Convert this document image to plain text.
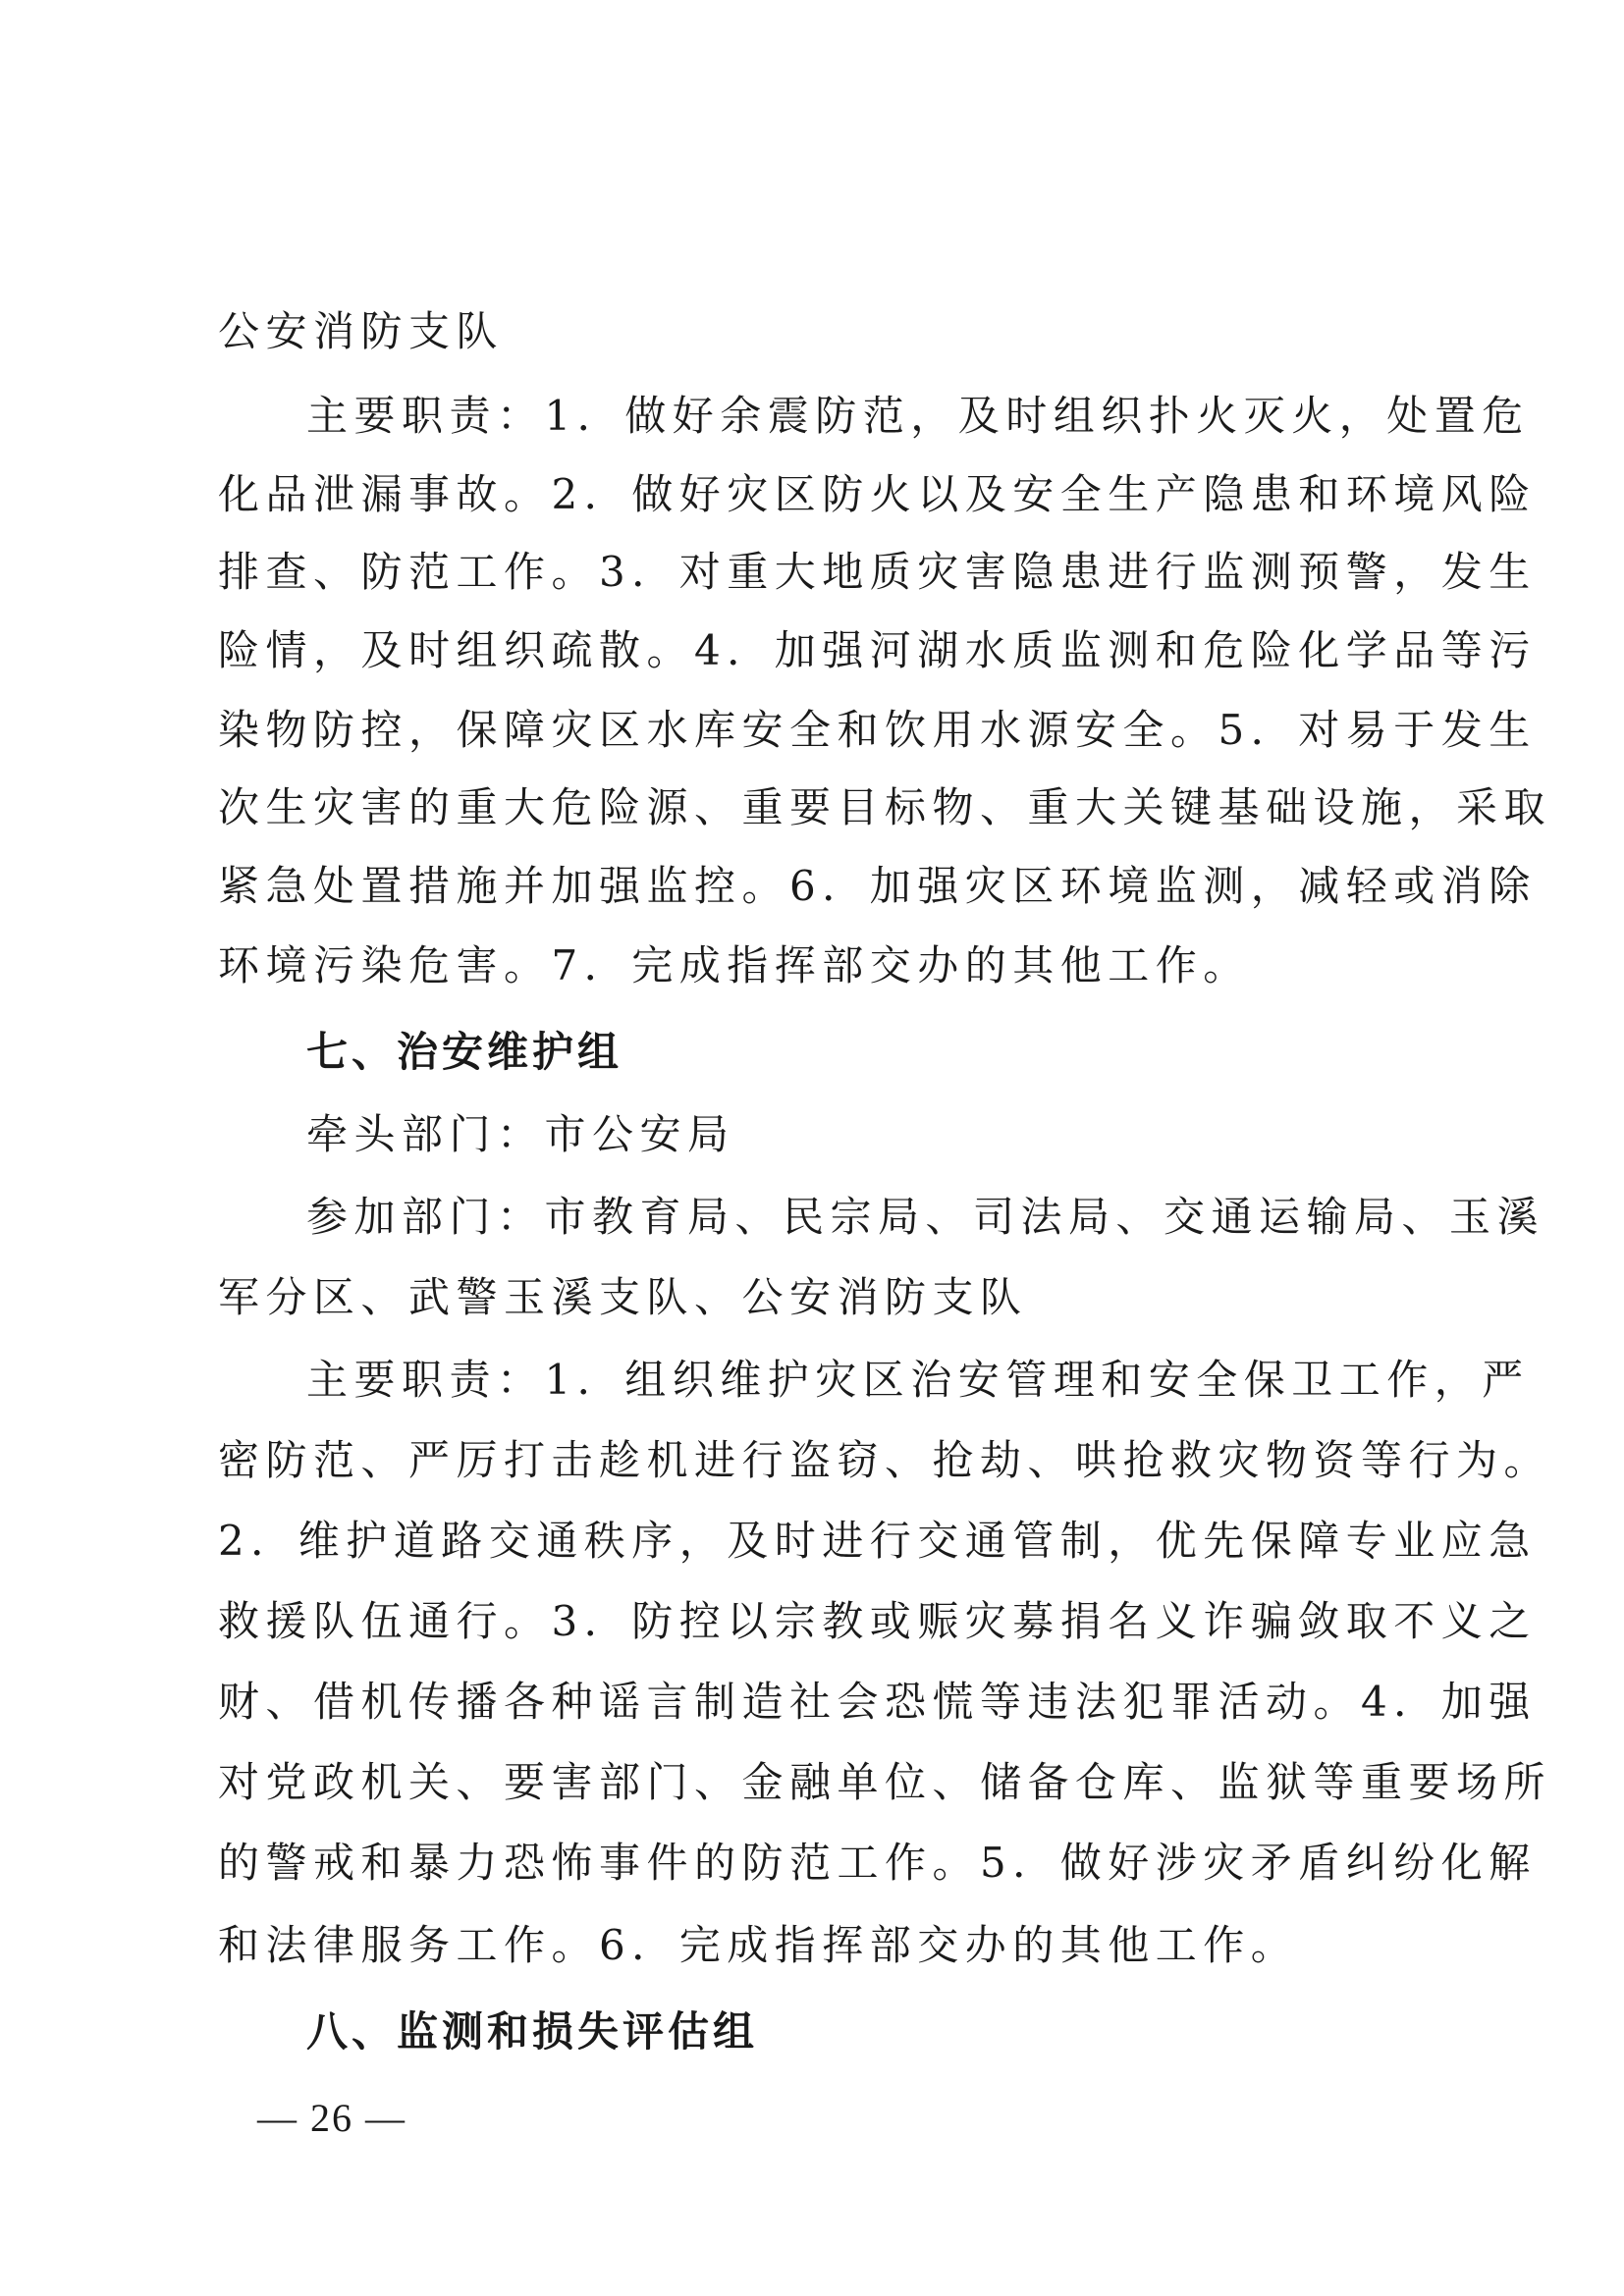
公安消防支队
主要职责：1．做好余震防范，及时组织扑火灭火，处置危
化品泄漏事故。2．做好灾区防火以及安全生产隐患和环境风险
排查、防范工作。3．对重大地质灾害隐患进行监测预警，发生
险情，及时组织疏散。4．加强河湖水质监测和危险化学品等污
染物防控，保障灾区水库安全和饮用水源安全。5．对易于发生
次生灾害的重大危险源、重要目标物、重大关键基础设施，采取
紧急处置措施并加强监控。6．加强灾区环境监测，减轻或消除
环境污染危害。7．完成指挥部交办的其他工作。
七、治安维护组
牵头部门：市公安局
参加部门：市教育局、民宗局、司法局、交通运输局、玉溪
军分区、武警玉溪支队、公安消防支队
主要职责：1．组织维护灾区治安管理和安全保卫工作，严
密防范、严厉打击趁机进行盗窃、抢劫、哄抢救灾物资等行为。
2．维护道路交通秩序，及时进行交通管制，优先保障专业应急
救援队伍通行。3．防控以宗教或赈灾募捐名义诈骗敛取不义之
财、借机传播各种谣言制造社会恐慌等违法犯罪活动。4．加强
对党政机关、要害部门、金融单位、储备仓库、监狱等重要场所
的警戒和暴力恐怖事件的防范工作。5．做好涉灾矛盾纠纷化解
和法律服务工作。6．完成指挥部交办的其他工作。
八、监测和损失评估组
— 26 —
